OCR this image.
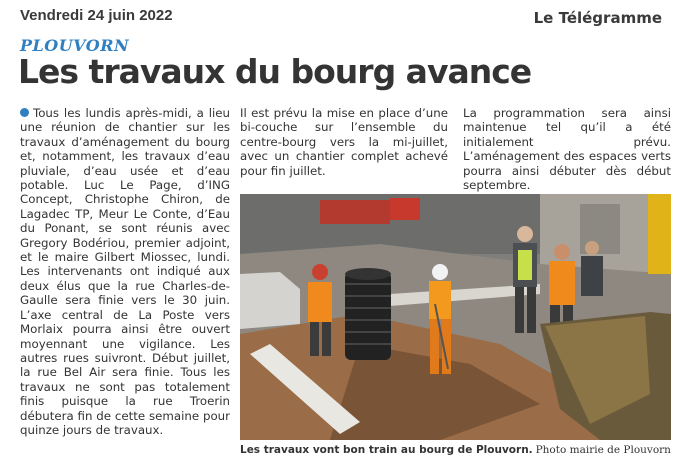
Vendredi 24 juin 2022	Le Télégramme
PLOUVORN
Les travaux du bourg avance
Tous les lundis après-midi, a lieu une réunion de chantier sur les travaux d’aménagement du bourg et, notamment, les travaux d’eau pluviale, d’eau usée et d’eau potable. Luc Le Page, d’ING Concept, Christophe Chiron, de Lagadec TP, Meur Le Conte, d’Eau du Ponant, se sont réunis avec Gregory Bodériou, premier adjoint, et le maire Gilbert Miossec, lundi. Les intervenants ont indiqué aux deux élus que la rue Charles-de-Gaulle sera finie vers le 30 juin. L’axe central de La Poste vers Morlaix pourra ainsi être ouvert moyennant une vigilance. Les autres rues suivront. Début juillet, la rue Bel Air sera finie. Tous les travaux ne sont pas totalement finis puisque la rue Troerin débutera fin de cette semaine pour quinze jours de travaux.
Il est prévu la mise en place d’une bi-couche sur l’ensemble du centre-bourg vers la mi-juillet, avec un chantier complet achevé pour fin juillet.
La programmation sera ainsi maintenue tel qu’il a été initialement prévu. L’aménagement des espaces verts pourra ainsi débuter dès début septembre.
Les travaux vont bon train au bourg de Plouvorn. Photo mairie de Plouvorn
